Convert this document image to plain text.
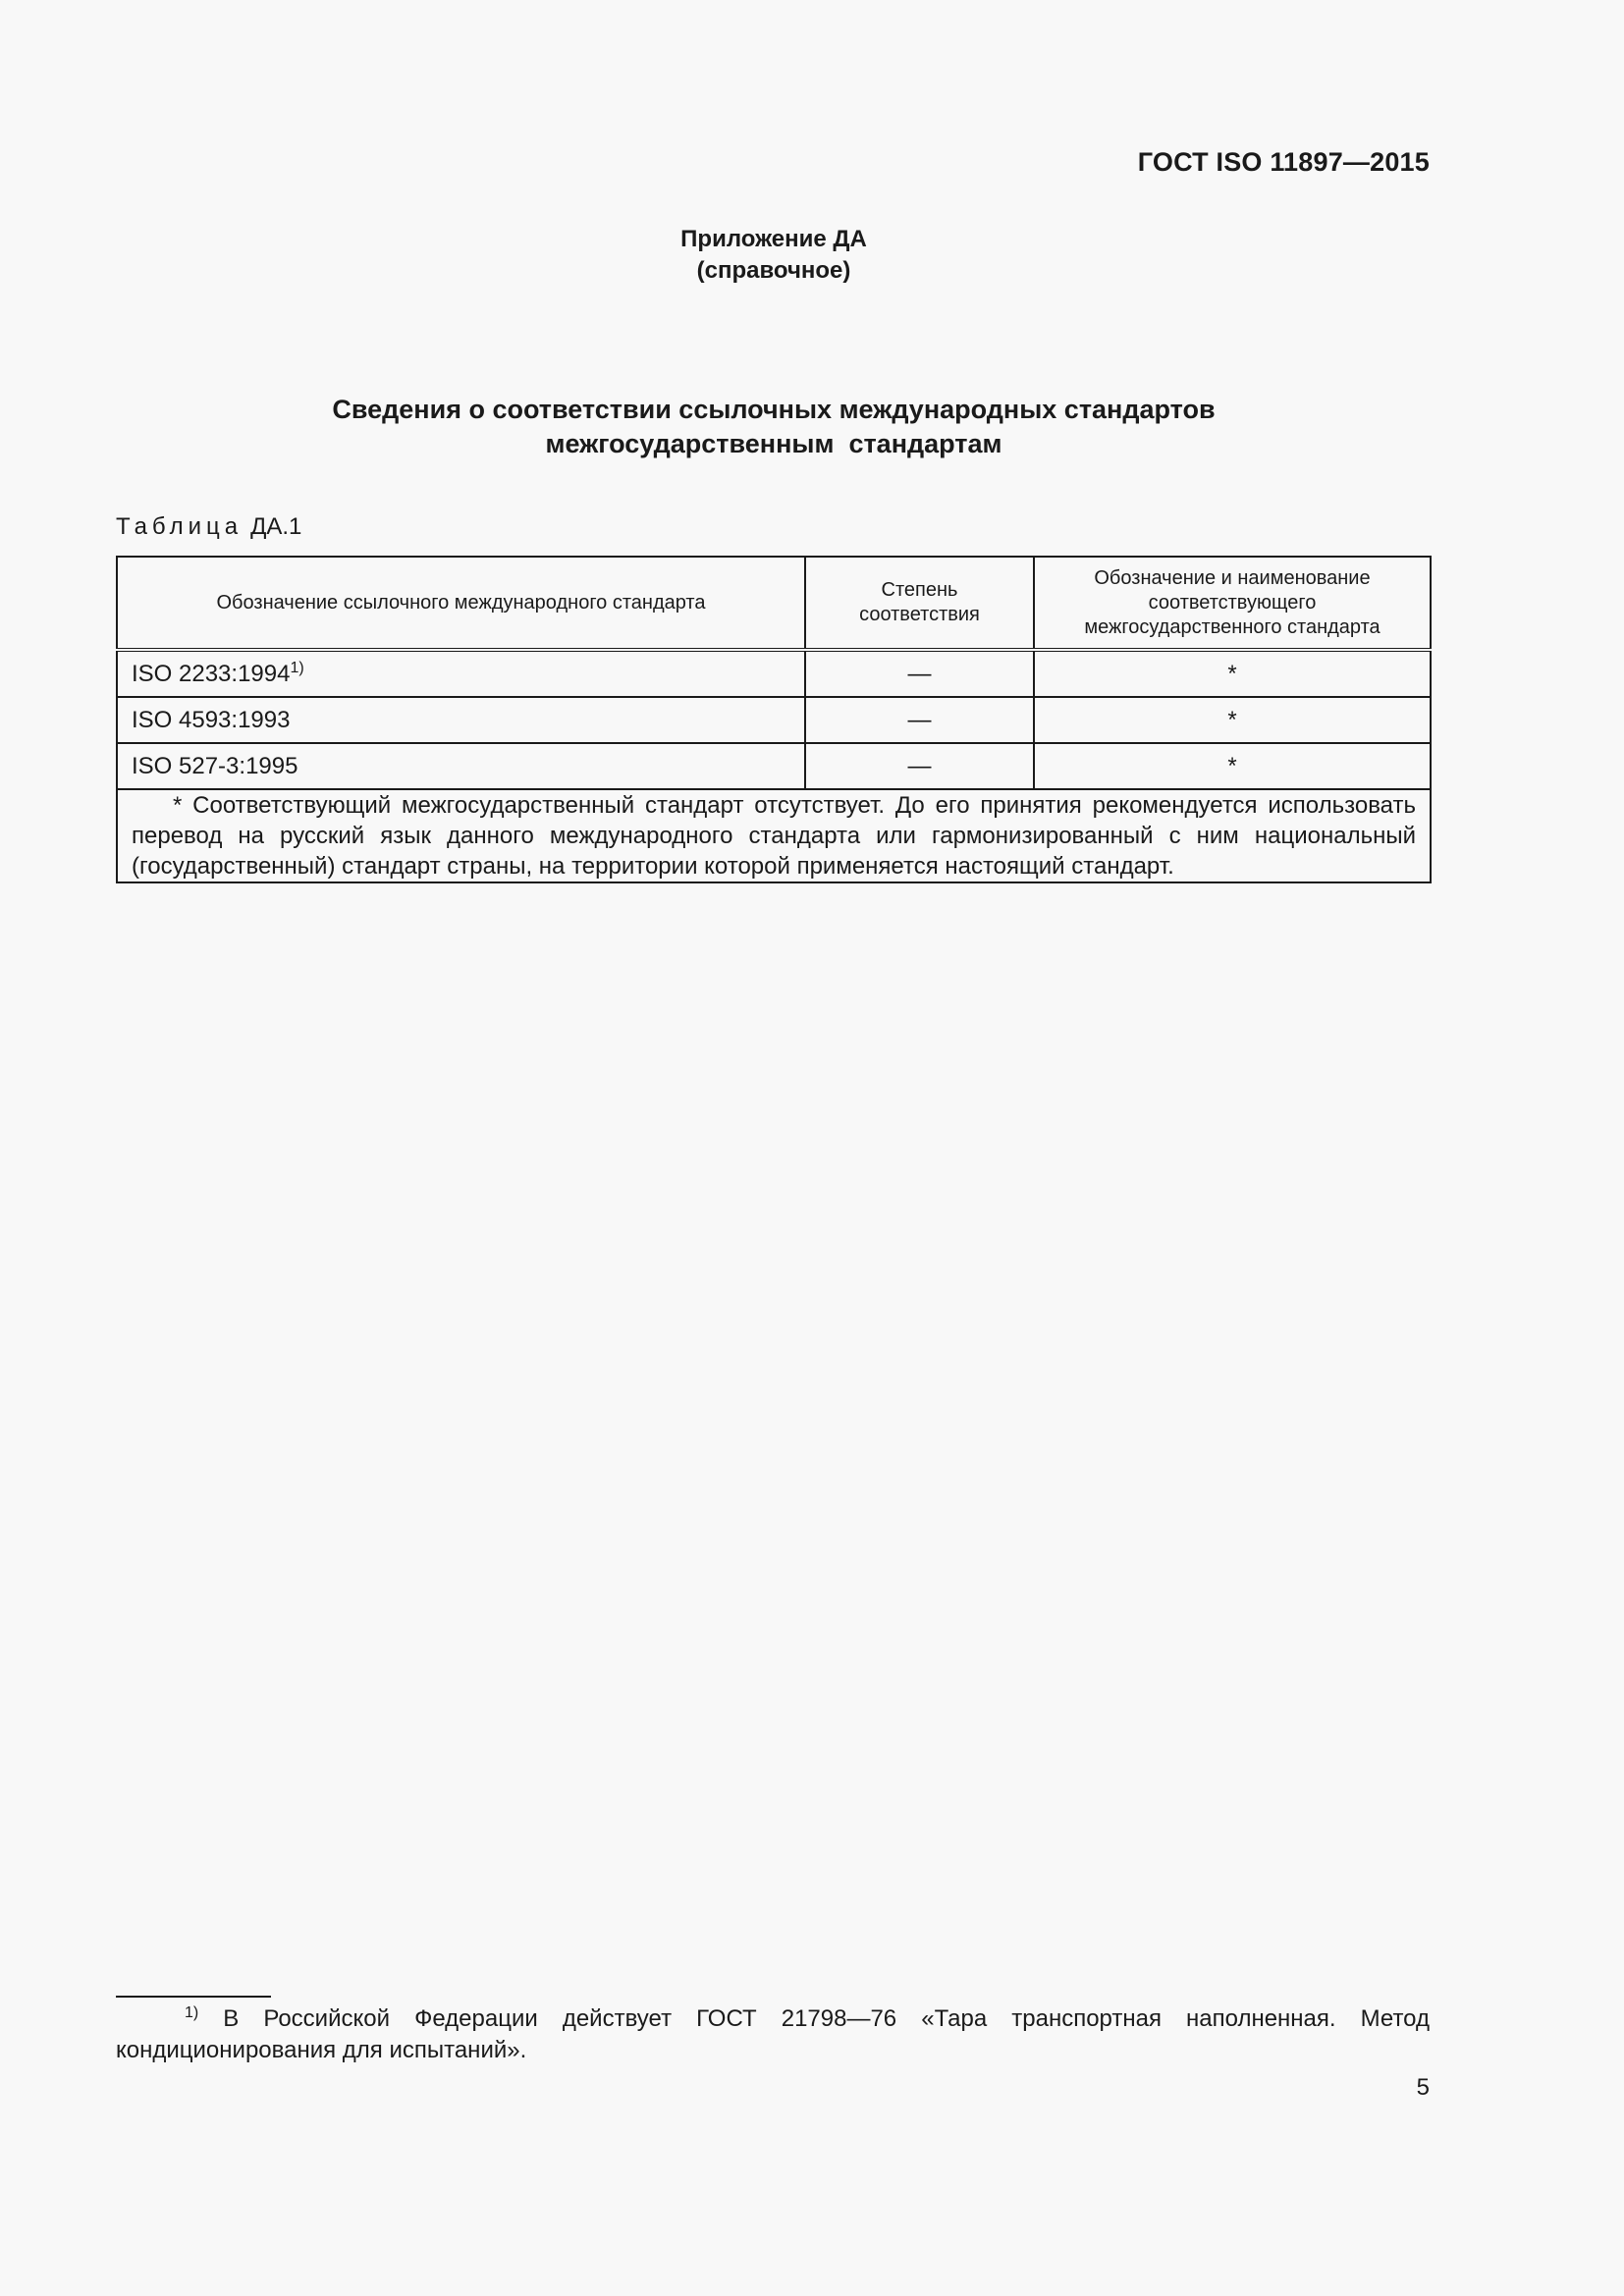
ГОСТ ISO 11897—2015
Приложение ДА
(справочное)
Сведения о соответствии ссылочных международных стандартов
межгосударственным  стандартам
Таблица ДА.1
Обозначение ссылочного международного стандарта	Степень соответствия	Обозначение и наименование соответствующего межгосударственного стандарта
ISO 2233:1994$^{1)}$	—	*
ISO 4593:1993	—	*
ISO 527-3:1995	—	*
* Соответствующий межгосударственный стандарт отсутствует. До его принятия рекомендуется использовать перевод на русский язык данного международного стандарта или гармонизированный с ним национальный (государственный) стандарт страны, на территории которой применяется настоящий стандарт.		
$^{1)}$ В Российской Федерации действует ГОСТ 21798—76 «Тара транспортная наполненная. Метод кондиционирования для испытаний».
5
